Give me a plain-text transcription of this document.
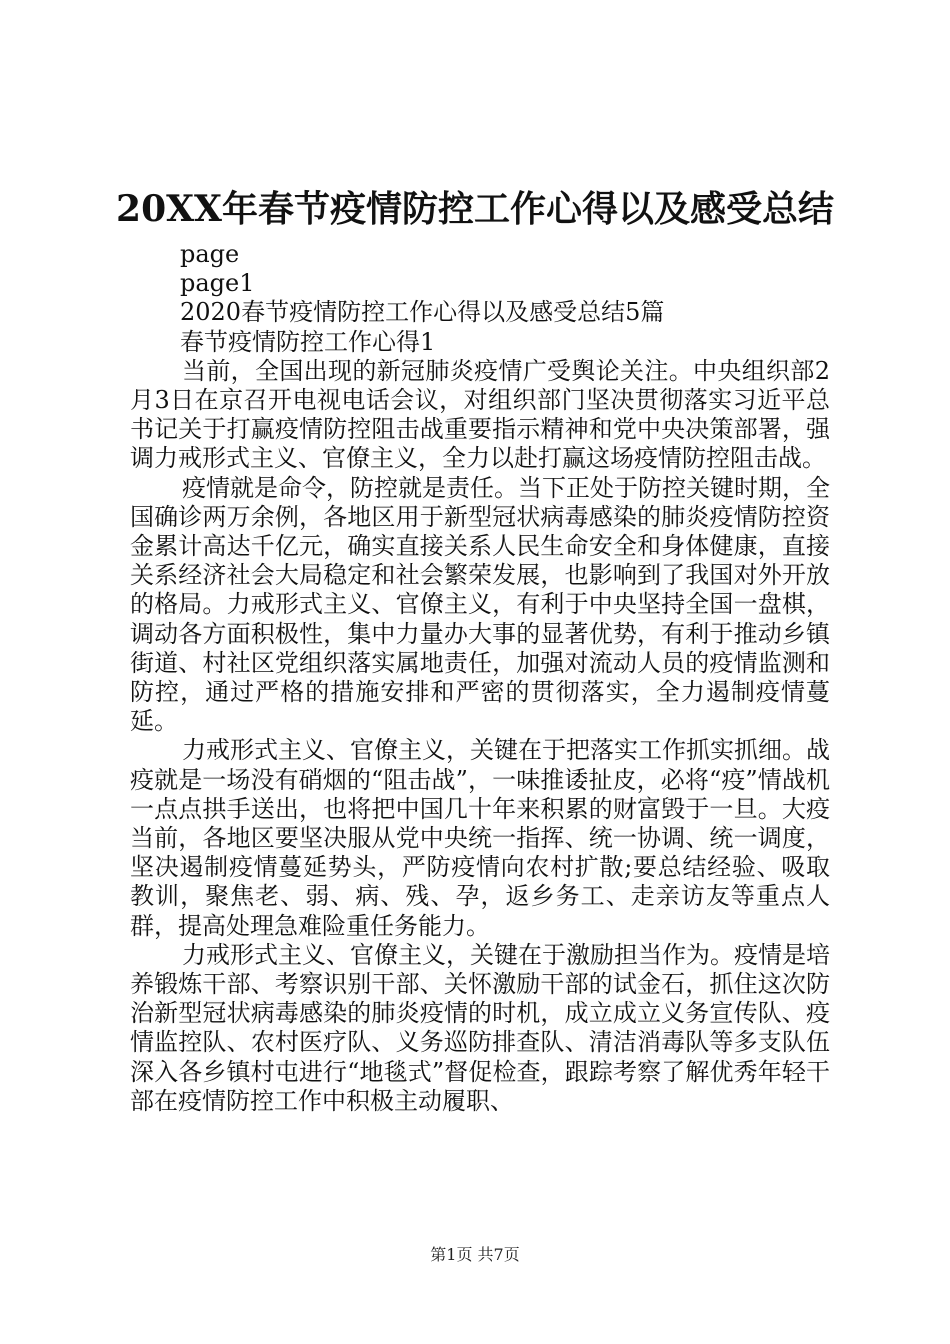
20XX年春节疫情防控工作心得以及感受总结
page
page1
2020春节疫情防控工作心得以及感受总结5篇
春节疫情防控工作心得1

当前，全国出现的新冠肺炎疫情广受舆论关注。中央组织部2月3日在京召开电视电话会议，对组织部门坚决贯彻落实习近平总书记关于打赢疫情防控阻击战重要指示精神和党中央决策部署，强调力戒形式主义、官僚主义，全力以赴打赢这场疫情防控阻击战。

疫情就是命令，防控就是责任。当下正处于防控关键时期，全国确诊两万余例，各地区用于新型冠状病毒感染的肺炎疫情防控资金累计高达千亿元，确实直接关系人民生命安全和身体健康，直接关系经济社会大局稳定和社会繁荣发展，也影响到了我国对外开放的格局。力戒形式主义、官僚主义，有利于中央坚持全国一盘棋，调动各方面积极性，集中力量办大事的显著优势，有利于推动乡镇街道、村社区党组织落实属地责任，加强对流动人员的疫情监测和防控，通过严格的措施安排和严密的贯彻落实，全力遏制疫情蔓延。

力戒形式主义、官僚主义，关键在于把落实工作抓实抓细。战疫就是一场没有硝烟的“阻击战”，一味推诿扯皮，必将“疫”情战机一点点拱手送出，也将把中国几十年来积累的财富毁于一旦。大疫当前，各地区要坚决服从党中央统一指挥、统一协调、统一调度，坚决遏制疫情蔓延势头，严防疫情向农村扩散;要总结经验、吸取教训，聚焦老、弱、病、残、孕，返乡务工、走亲访友等重点人群，提高处理急难险重任务能力。

力戒形式主义、官僚主义，关键在于激励担当作为。疫情是培养锻炼干部、考察识别干部、关怀激励干部的试金石，抓住这次防治新型冠状病毒感染的肺炎疫情的时机，成立成立义务宣传队、疫情监控队、农村医疗队、义务巡防排查队、清洁消毒队等多支队伍深入各乡镇村屯进行“地毯式”督促检查，跟踪考察了解优秀年轻干部在疫情防控工作中积极主动履职、

第1页 共7页
